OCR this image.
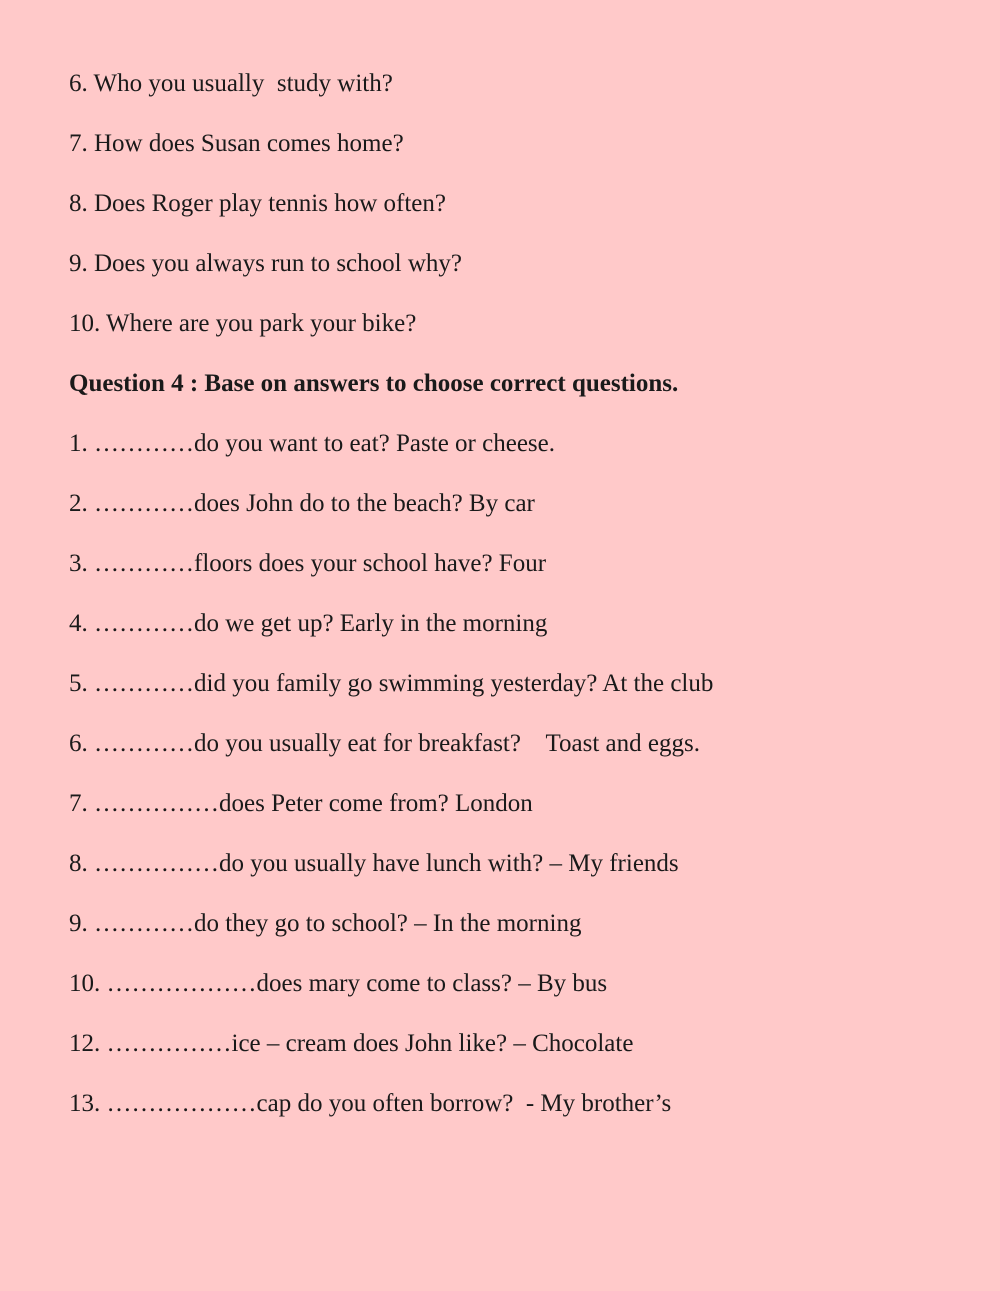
6. Who you usually  study with?
7. How does Susan comes home?
8. Does Roger play tennis how often?
9. Does you always run to school why?
10. Where are you park your bike?
Question 4 : Base on answers to choose correct questions.
1. …………do you want to eat? Paste or cheese.
2. …………does John do to the beach? By car
3. …………floors does your school have? Four
4. …………do we get up? Early in the morning
5. …………did you family go swimming yesterday? At the club
6. …………do you usually eat for breakfast?    Toast and eggs.
7. ……………does Peter come from? London
8. ……………do you usually have lunch with? – My friends
9. …………do they go to school? – In the morning
10. ………………does mary come to class? – By bus
12. ……………ice – cream does John like? – Chocolate
13. ………………cap do you often borrow?  - My brother’s
